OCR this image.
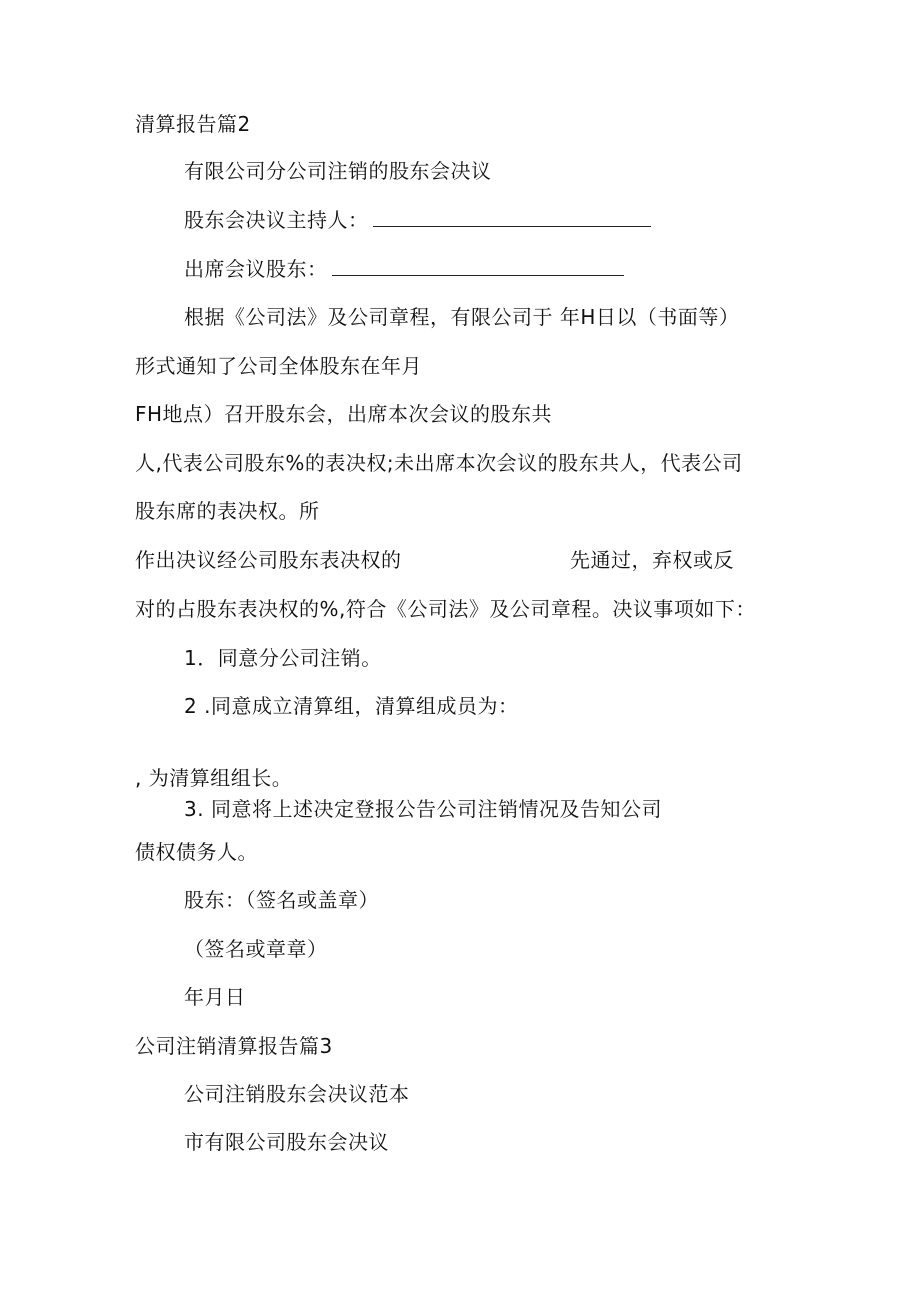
清算报告篇2
有限公司分公司注销的股东会决议
股东会决议主持人：
出席会议股东：
根据《公司法》及公司章程，有限公司于 年H日以（书面等）
形式通知了公司全体股东在年月
FH地点）召开股东会，出席本次会议的股东共
人,代表公司股东%的表决权;未出席本次会议的股东共人，代表公司
股东席的表决权。所
作出决议经公司股东表决权的	先通过，弃权或反
对的占股东表决权的%,符合《公司法》及公司章程。决议事项如下：
1．同意分公司注销。
2 .同意成立清算组，清算组成员为：
, 为清算组组长。
3. 同意将上述决定登报公告公司注销情况及告知公司
债权债务人。
股东：（签名或盖章）
（签名或章章）
年月日
公司注销清算报告篇3
公司注销股东会决议范本
市有限公司股东会决议
